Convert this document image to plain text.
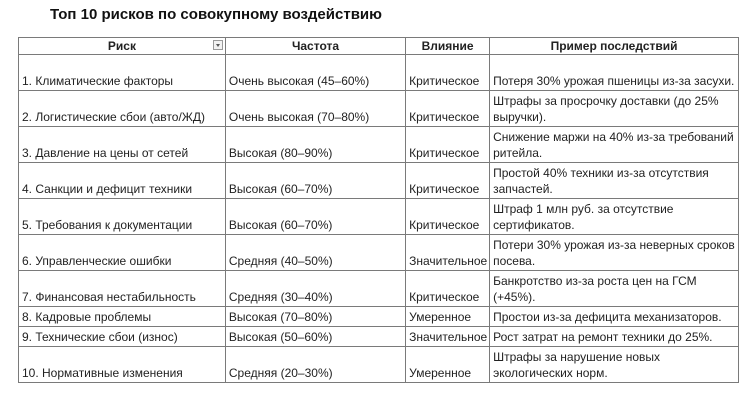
Топ 10 рисков по совокупному воздействию
Риск	Частота	Влияние	Пример последствий
1. Климатические факторы	Очень высокая (45–60%)	Критическое	Потеря 30% урожая пшеницы из-за засухи.
2. Логистические сбои (авто/ЖД)	Очень высокая (70–80%)	Критическое	Штрафы за просрочку доставки (до 25% выручки).
3. Давление на цены от сетей	Высокая (80–90%)	Критическое	Снижение маржи на 40% из-за требований ритейла.
4. Санкции и дефицит техники	Высокая (60–70%)	Критическое	Простой 40% техники из-за отсутствия запчастей.
5. Требования к документации	Высокая (60–70%)	Критическое	Штраф 1 млн руб. за отсутствие сертификатов.
6. Управленческие ошибки	Средняя (40–50%)	Значительное	Потери 30% урожая из-за неверных сроков посева.
7. Финансовая нестабильность	Средняя (30–40%)	Критическое	Банкротство из-за роста цен на ГСМ (+45%).
8. Кадровые проблемы	Высокая (70–80%)	Умеренное	Простои из-за дефицита механизаторов.
9. Технические сбои (износ)	Высокая (50–60%)	Значительное	Рост затрат на ремонт техники до 25%.
10. Нормативные изменения	Средняя (20–30%)	Умеренное	Штрафы за нарушение новых экологических норм.
